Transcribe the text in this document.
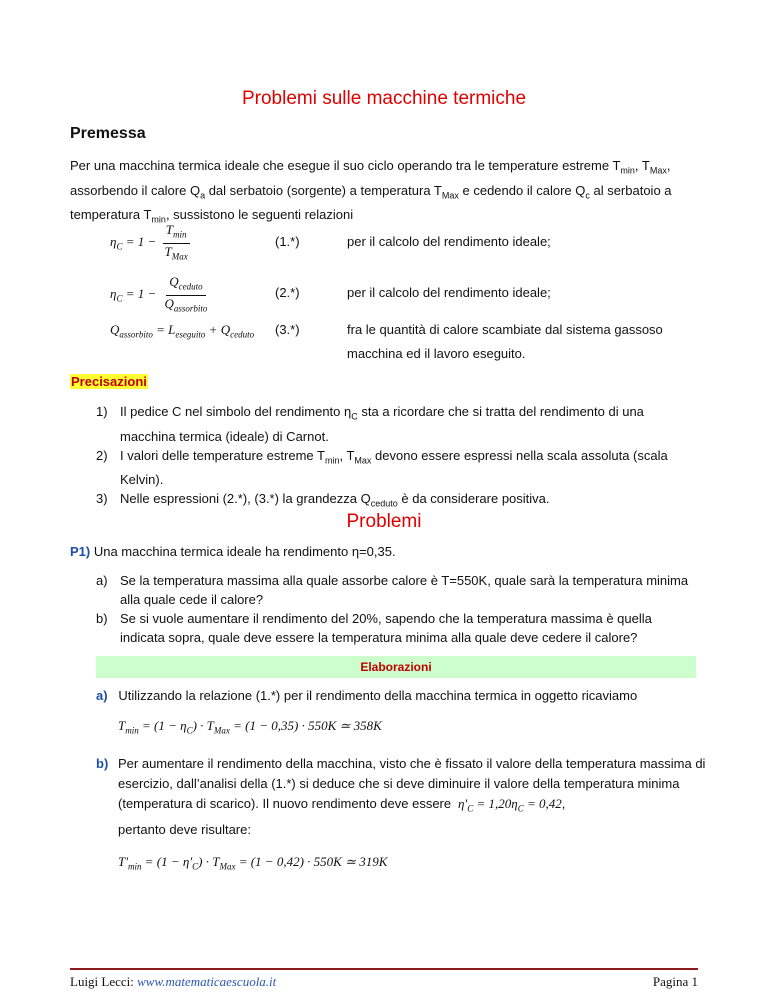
Problemi sulle macchine termiche
Premessa
Per una macchina termica ideale che esegue il suo ciclo operando tra le temperature estreme $T_{min}$, $T_{Max}$, assorbendo il calore $Q_a$ dal serbatoio (sorgente) a temperatura $T_{Max}$ e cedendo il calore $Q_c$ al serbatoio a temperatura $T_{min}$, sussistono le seguenti relazioni
$\eta_C = 1 - \frac{T_{min}}{T_{Max}}$	(1.*)	per il calcolo del rendimento ideale;
$\eta_C = 1 - \frac{Q_{ceduto}}{Q_{assorbito}}$	(2.*)	per il calcolo del rendimento ideale;
$Q_{assorbito} = L_{eseguito} + Q_{ceduto}$ (3.*)	fra le quantità di calore scambiate dal sistema gassoso
macchina ed il lavoro eseguito.
Precisazioni
1) Il pedice C nel simbolo del rendimento $\eta_C$ sta a ricordare che si tratta del rendimento di una macchina termica (ideale) di Carnot.
2) I valori delle temperature estreme $T_{min}$, $T_{Max}$ devono essere espressi nella scala assoluta (scala Kelvin).
3) Nelle espressioni (2.*), (3.*) la grandezza $Q_{ceduto}$ è da considerare positiva.
Problemi
P1) Una macchina termica ideale ha rendimento η=0,35.
a) Se la temperatura massima alla quale assorbe calore è T=550K, quale sarà la temperatura minima alla quale cede il calore?
b) Se si vuole aumentare il rendimento del 20%, sapendo che la temperatura massima è quella indicata sopra, quale deve essere la temperatura minima alla quale deve cedere il calore?
Elaborazioni
a) Utilizzando la relazione (1.*) per il rendimento della macchina termica in oggetto ricaviamo
$T_{min} = (1 - \eta_C) \cdot T_{Max} = (1 - 0,35) \cdot 550K$ ≃ 358K
b) Per aumentare il rendimento della macchina, visto che è fissato il valore della temperatura massima di esercizio, dall’analisi della (1.*) si deduce che si deve diminuire il valore della temperatura minima (temperatura di scarico). Il nuovo rendimento deve essere  $\eta'_C = 1,20\eta_C = 0,42$,
pertanto deve risultare:
$T'_{min} = (1 - \eta'_C) \cdot T_{Max} = (1 - 0,42) \cdot 550K$ ≃ 319K
Luigi Lecci: www.matematicaescuola.it	Pagina 1
